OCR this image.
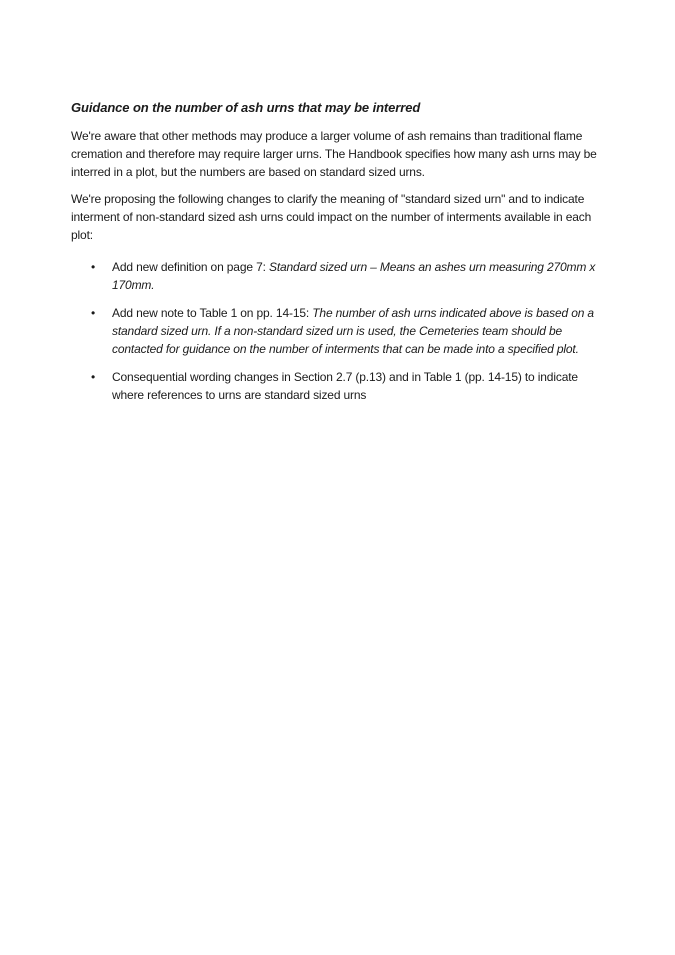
Guidance on the number of ash urns that may be interred

We're aware that other methods may produce a larger volume of ash remains than traditional flame cremation and therefore may require larger urns. The Handbook specifies how many ash urns may be interred in a plot, but the numbers are based on standard sized urns.

We're proposing the following changes to clarify the meaning of "standard sized urn" and to indicate interment of non-standard sized ash urns could impact on the number of interments available in each plot:

• Add new definition on page 7: Standard sized urn – Means an ashes urn measuring 270mm x 170mm.
• Add new note to Table 1 on pp. 14-15: The number of ash urns indicated above is based on a standard sized urn. If a non-standard sized urn is used, the Cemeteries team should be contacted for guidance on the number of interments that can be made into a specified plot.
• Consequential wording changes in Section 2.7 (p.13) and in Table 1 (pp. 14-15) to indicate where references to urns are standard sized urns
